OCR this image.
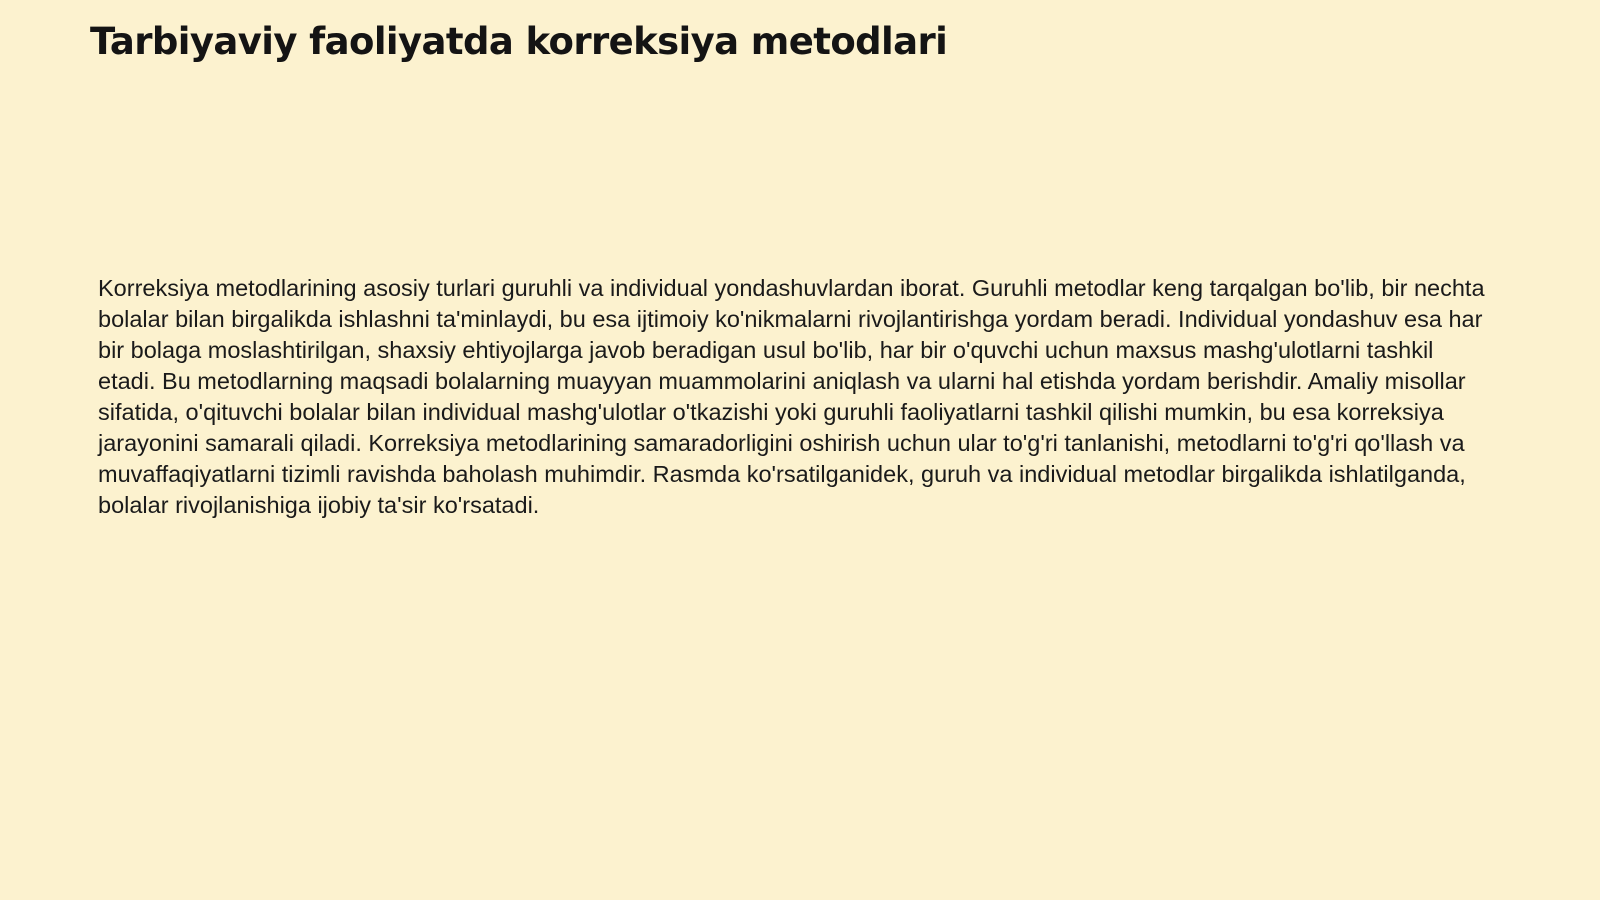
Tarbiyaviy faoliyatda korreksiya metodlari

Korreksiya metodlarining asosiy turlari guruhli va individual yondashuvlardan iborat. Guruhli metodlar keng tarqalgan bo'lib, bir nechta bolalar bilan birgalikda ishlashni ta'minlaydi, bu esa ijtimoiy ko'nikmalarni rivojlantirishga yordam beradi. Individual yondashuv esa har bir bolaga moslashtirilgan, shaxsiy ehtiyojlarga javob beradigan usul bo'lib, har bir o'quvchi uchun maxsus mashg'ulotlarni tashkil etadi. Bu metodlarning maqsadi bolalarning muayyan muammolarini aniqlash va ularni hal etishda yordam berishdir. Amaliy misollar sifatida, o'qituvchi bolalar bilan individual mashg'ulotlar o'tkazishi yoki guruhli faoliyatlarni tashkil qilishi mumkin, bu esa korreksiya jarayonini samarali qiladi. Korreksiya metodlarining samaradorligini oshirish uchun ular to'g'ri tanlanishi, metodlarni to'g'ri qo'llash va muvaffaqiyatlarni tizimli ravishda baholash muhimdir. Rasmda ko'rsatilganidek, guruh va individual metodlar birgalikda ishlatilganda, bolalar rivojlanishiga ijobiy ta'sir ko'rsatadi.
